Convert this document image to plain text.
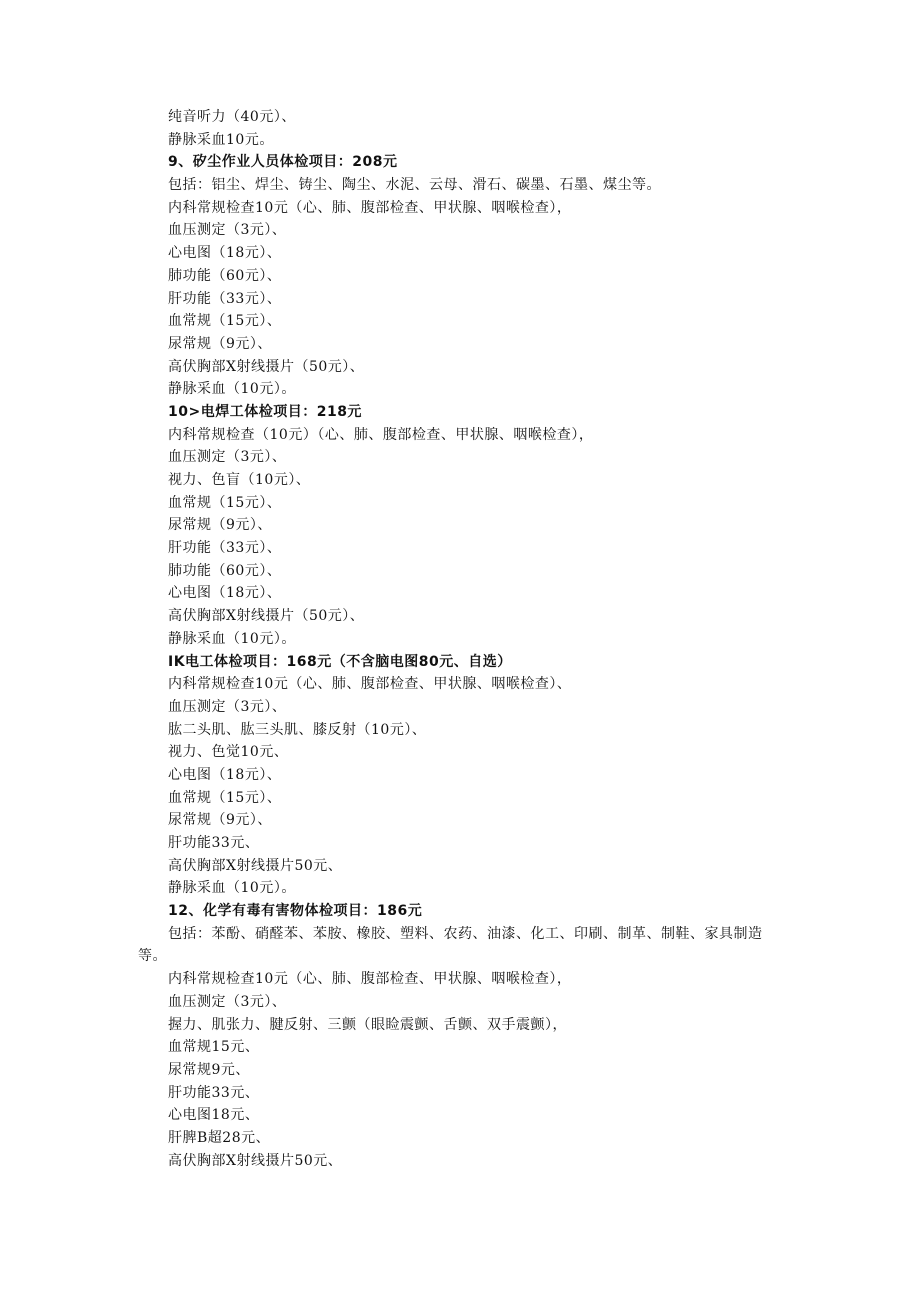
纯音听力（40元）、
静脉采血10元。
9、矽尘作业人员体检项目：208元
包括：铝尘、焊尘、铸尘、陶尘、水泥、云母、滑石、碳墨、石墨、煤尘等。
内科常规检查10元（心、肺、腹部检查、甲状腺、咽喉检查），
血压测定（3元）、
心电图（18元）、
肺功能（60元）、
肝功能（33元）、
血常规（15元）、
尿常规（9元）、
高伏胸部X射线摄片（50元）、
静脉采血（10元）。
10>电焊工体检项目：218元
内科常规检查（10元）（心、肺、腹部检查、甲状腺、咽喉检查），
血压测定（3元）、
视力、色盲（10元）、
血常规（15元）、
尿常规（9元）、
肝功能（33元）、
肺功能（60元）、
心电图（18元）、
高伏胸部X射线摄片（50元）、
静脉采血（10元）。
IK电工体检项目：168元（不含脑电图80元、自选）
内科常规检查10元（心、肺、腹部检查、甲状腺、咽喉检查）、
血压测定（3元）、
肱二头肌、肱三头肌、膝反射（10元）、
视力、色觉10元、
心电图（18元）、
血常规（15元）、
尿常规（9元）、
肝功能33元、
高伏胸部X射线摄片50元、
静脉采血（10元）。
12、化学有毒有害物体检项目：186元
包括：苯酚、硝醛苯、苯胺、橡胶、塑料、农药、油漆、化工、印刷、制革、制鞋、家具制造等。
内科常规检查10元（心、肺、腹部检查、甲状腺、咽喉检查），
血压测定（3元）、
握力、肌张力、腱反射、三颤（眼睑震颤、舌颤、双手震颤），
血常规15元、
尿常规9元、
肝功能33元、
心电图18元、
肝脾B超28元、
高伏胸部X射线摄片50元、
